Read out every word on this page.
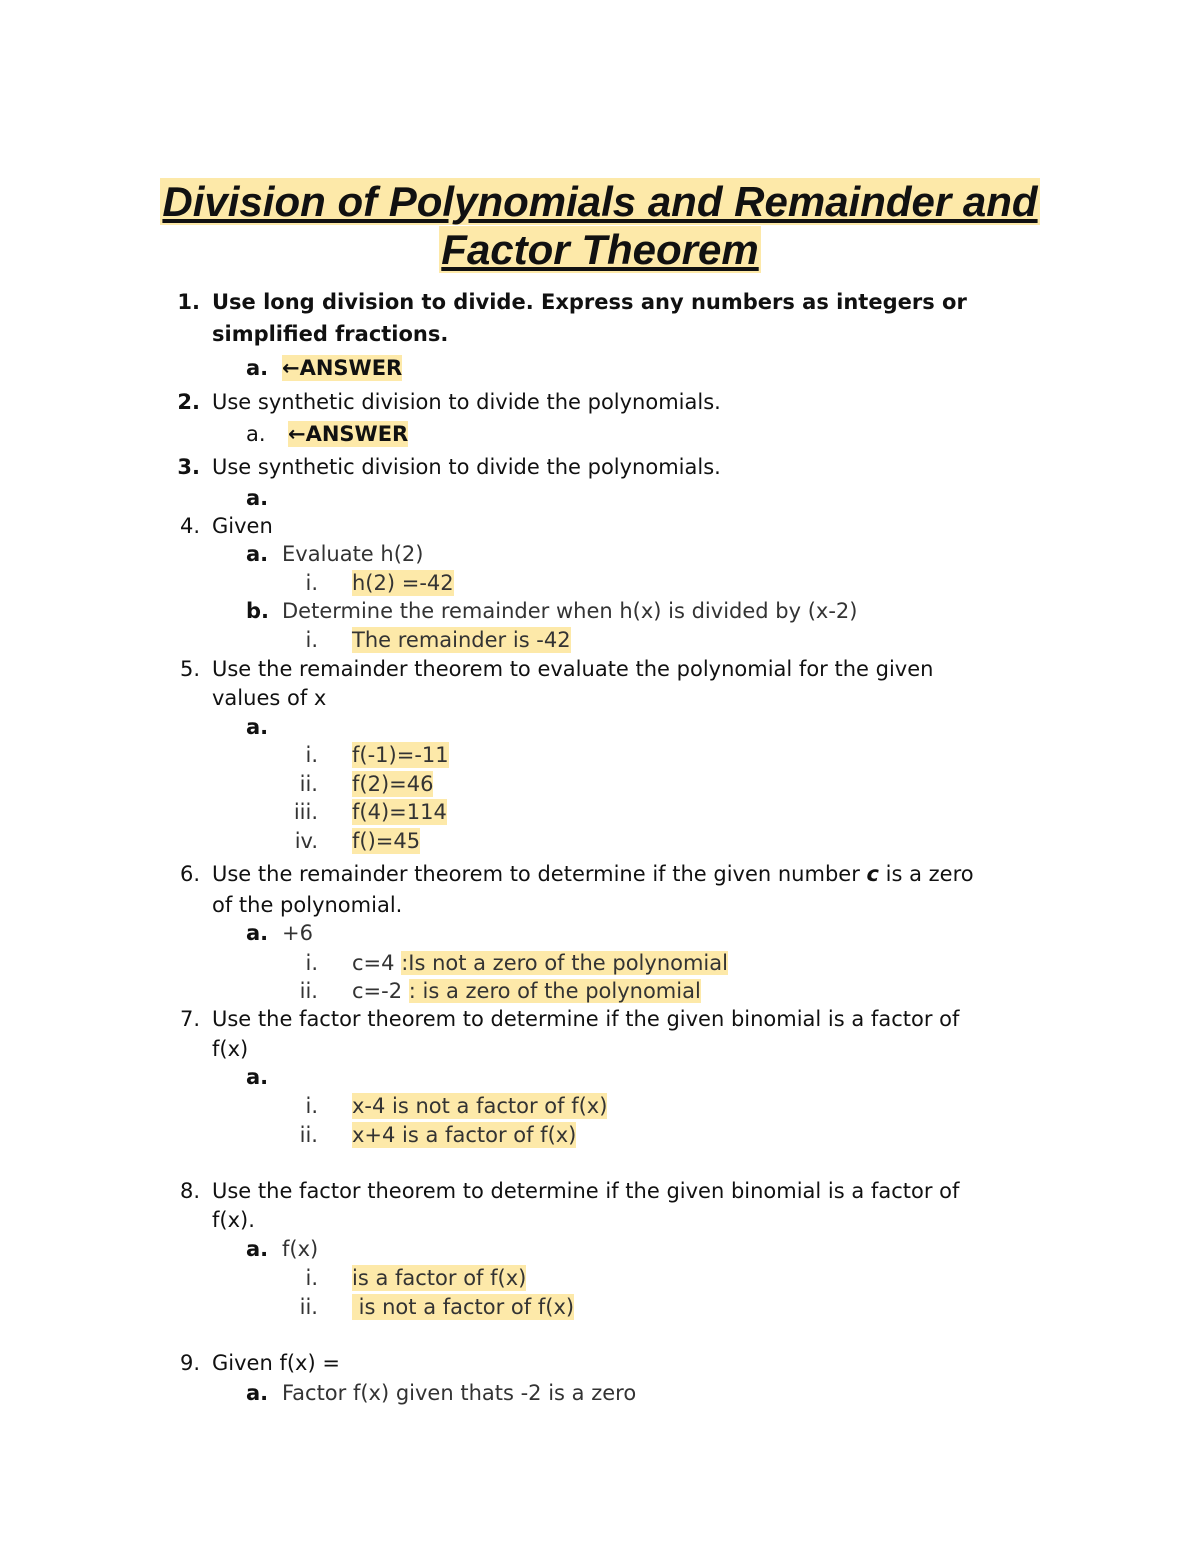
Division of Polynomials and Remainder and
Factor Theorem
1. Use long division to divide. Express any numbers as integers or
simplified fractions.
a. ←ANSWER
2. Use synthetic division to divide the polynomials.
a. ←ANSWER
3. Use synthetic division to divide the polynomials.
a.
4. Given
a. Evaluate h(2)
i. h(2) =-42
b. Determine the remainder when h(x) is divided by (x-2)
i. The remainder is -42
5. Use the remainder theorem to evaluate the polynomial for the given
values of x
a.
i. f(-1)=-11
ii. f(2)=46
iii. f(4)=114
iv. f()=45
6. Use the remainder theorem to determine if the given number c is a zero
of the polynomial.
a. +6
i. c=4 :Is not a zero of the polynomial
ii. c=-2 : is a zero of the polynomial
7. Use the factor theorem to determine if the given binomial is a factor of
f(x)
a.
i. x-4 is not a factor of f(x)
ii. x+4 is a factor of f(x)
8. Use the factor theorem to determine if the given binomial is a factor of
f(x).
a. f(x)
i. is a factor of f(x)
ii. is not a factor of f(x)
9. Given f(x) =
a. Factor f(x) given thats -2 is a zero
